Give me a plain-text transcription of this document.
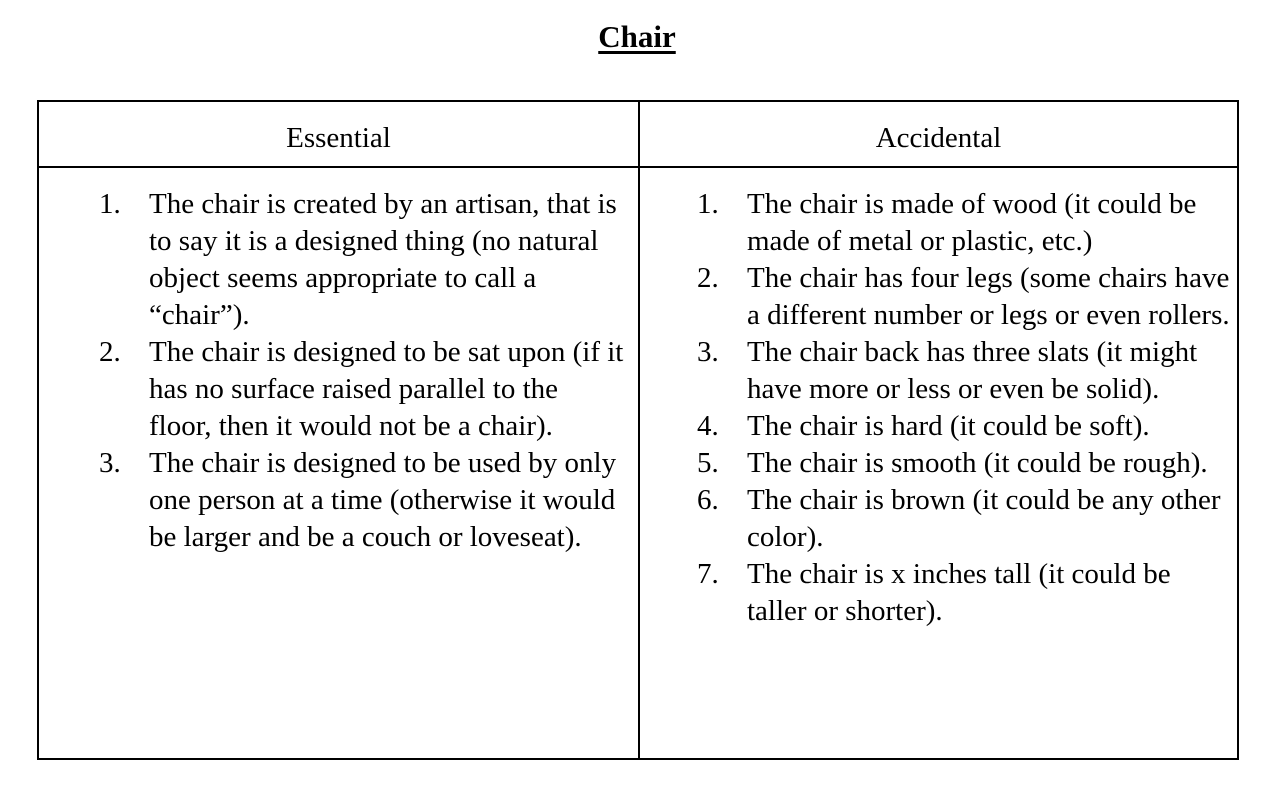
Chair
Essential	Accidental
1. The chair is created by an artisan, that is to say it is a designed thing (no natural object seems appropriate to call a “chair”).
2. The chair is designed to be sat upon (if it has no surface raised parallel to the floor, then it would not be a chair).
3. The chair is designed to be used by only one person at a time (otherwise it would be larger and be a couch or loveseat).
1. The chair is made of wood (it could be made of metal or plastic, etc.)
2. The chair has four legs (some chairs have a different number or legs or even rollers.
3. The chair back has three slats (it might have more or less or even be solid).
4. The chair is hard (it could be soft).
5. The chair is smooth (it could be rough).
6. The chair is brown (it could be any other color).
7. The chair is x inches tall (it could be taller or shorter).
